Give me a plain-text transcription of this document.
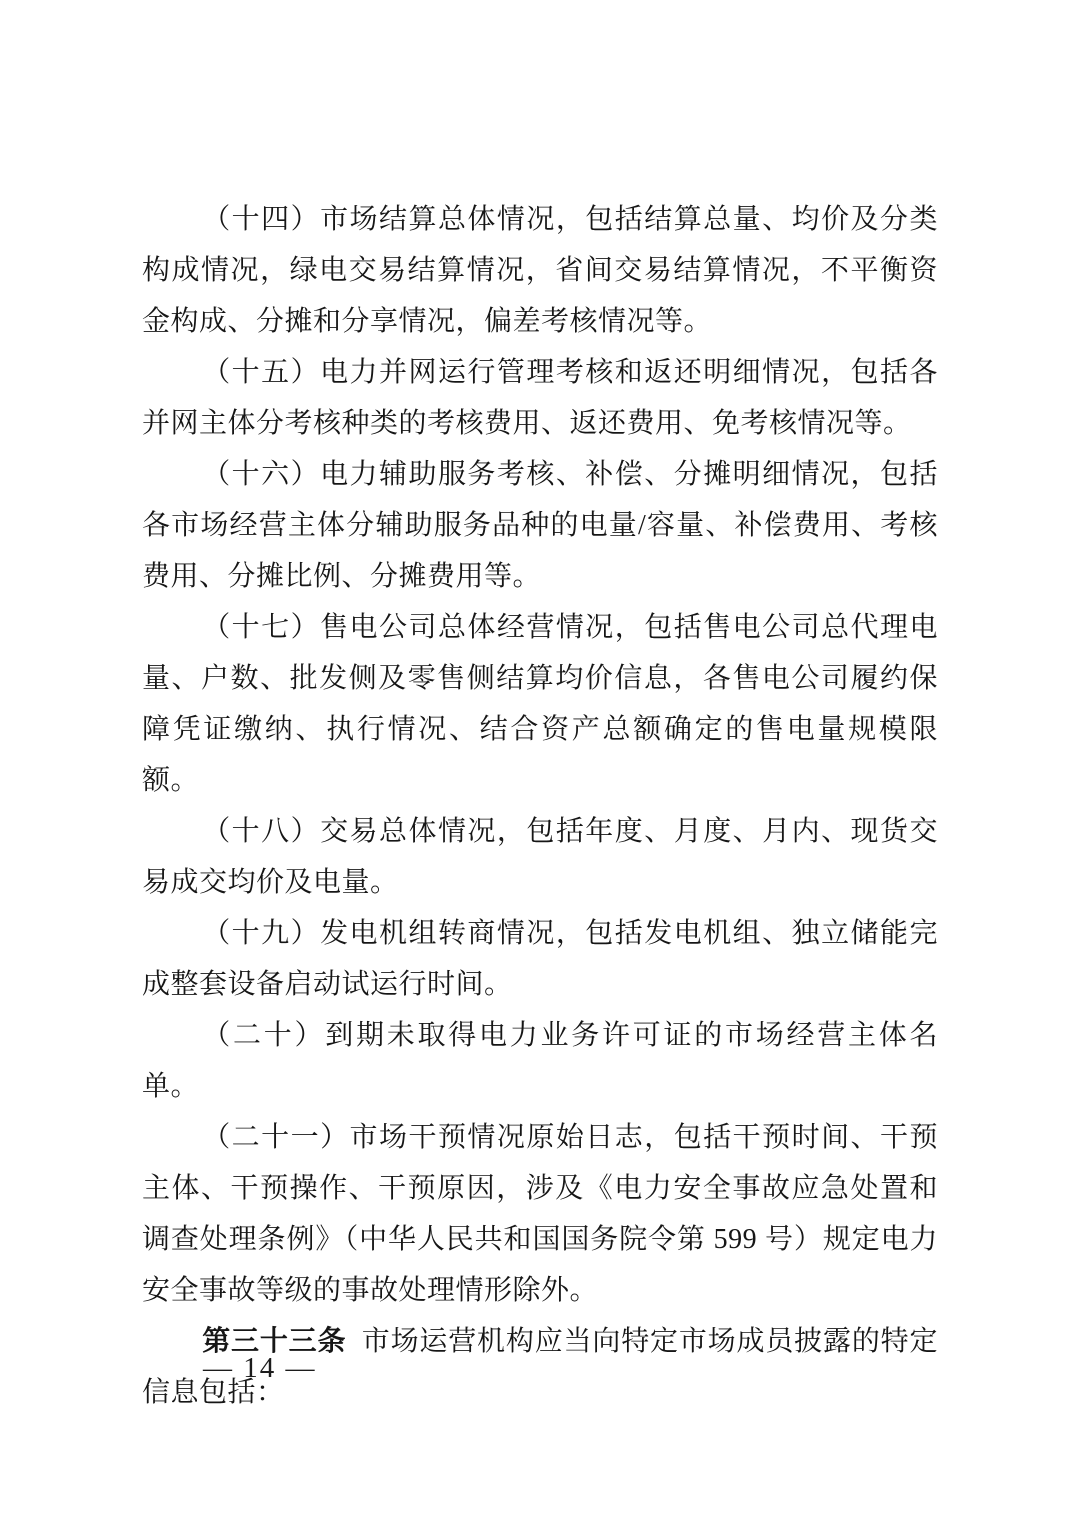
（十四）市场结算总体情况，包括结算总量、均价及分类构成情况，绿电交易结算情况，省间交易结算情况，不平衡资金构成、分摊和分享情况，偏差考核情况等。

（十五）电力并网运行管理考核和返还明细情况，包括各并网主体分考核种类的考核费用、返还费用、免考核情况等。

（十六）电力辅助服务考核、补偿、分摊明细情况，包括各市场经营主体分辅助服务品种的电量/容量、补偿费用、考核费用、分摊比例、分摊费用等。

（十七）售电公司总体经营情况，包括售电公司总代理电量、户数、批发侧及零售侧结算均价信息，各售电公司履约保障凭证缴纳、执行情况、结合资产总额确定的售电量规模限额。

（十八）交易总体情况，包括年度、月度、月内、现货交易成交均价及电量。

（十九）发电机组转商情况，包括发电机组、独立储能完成整套设备启动试运行时间。

（二十）到期未取得电力业务许可证的市场经营主体名单。

（二十一）市场干预情况原始日志，包括干预时间、干预主体、干预操作、干预原因，涉及《电力安全事故应急处置和调查处理条例》（中华人民共和国国务院令第 599 号）规定电力安全事故等级的事故处理情形除外。

第三十三条 市场运营机构应当向特定市场成员披露的特定信息包括：

— 14 —
